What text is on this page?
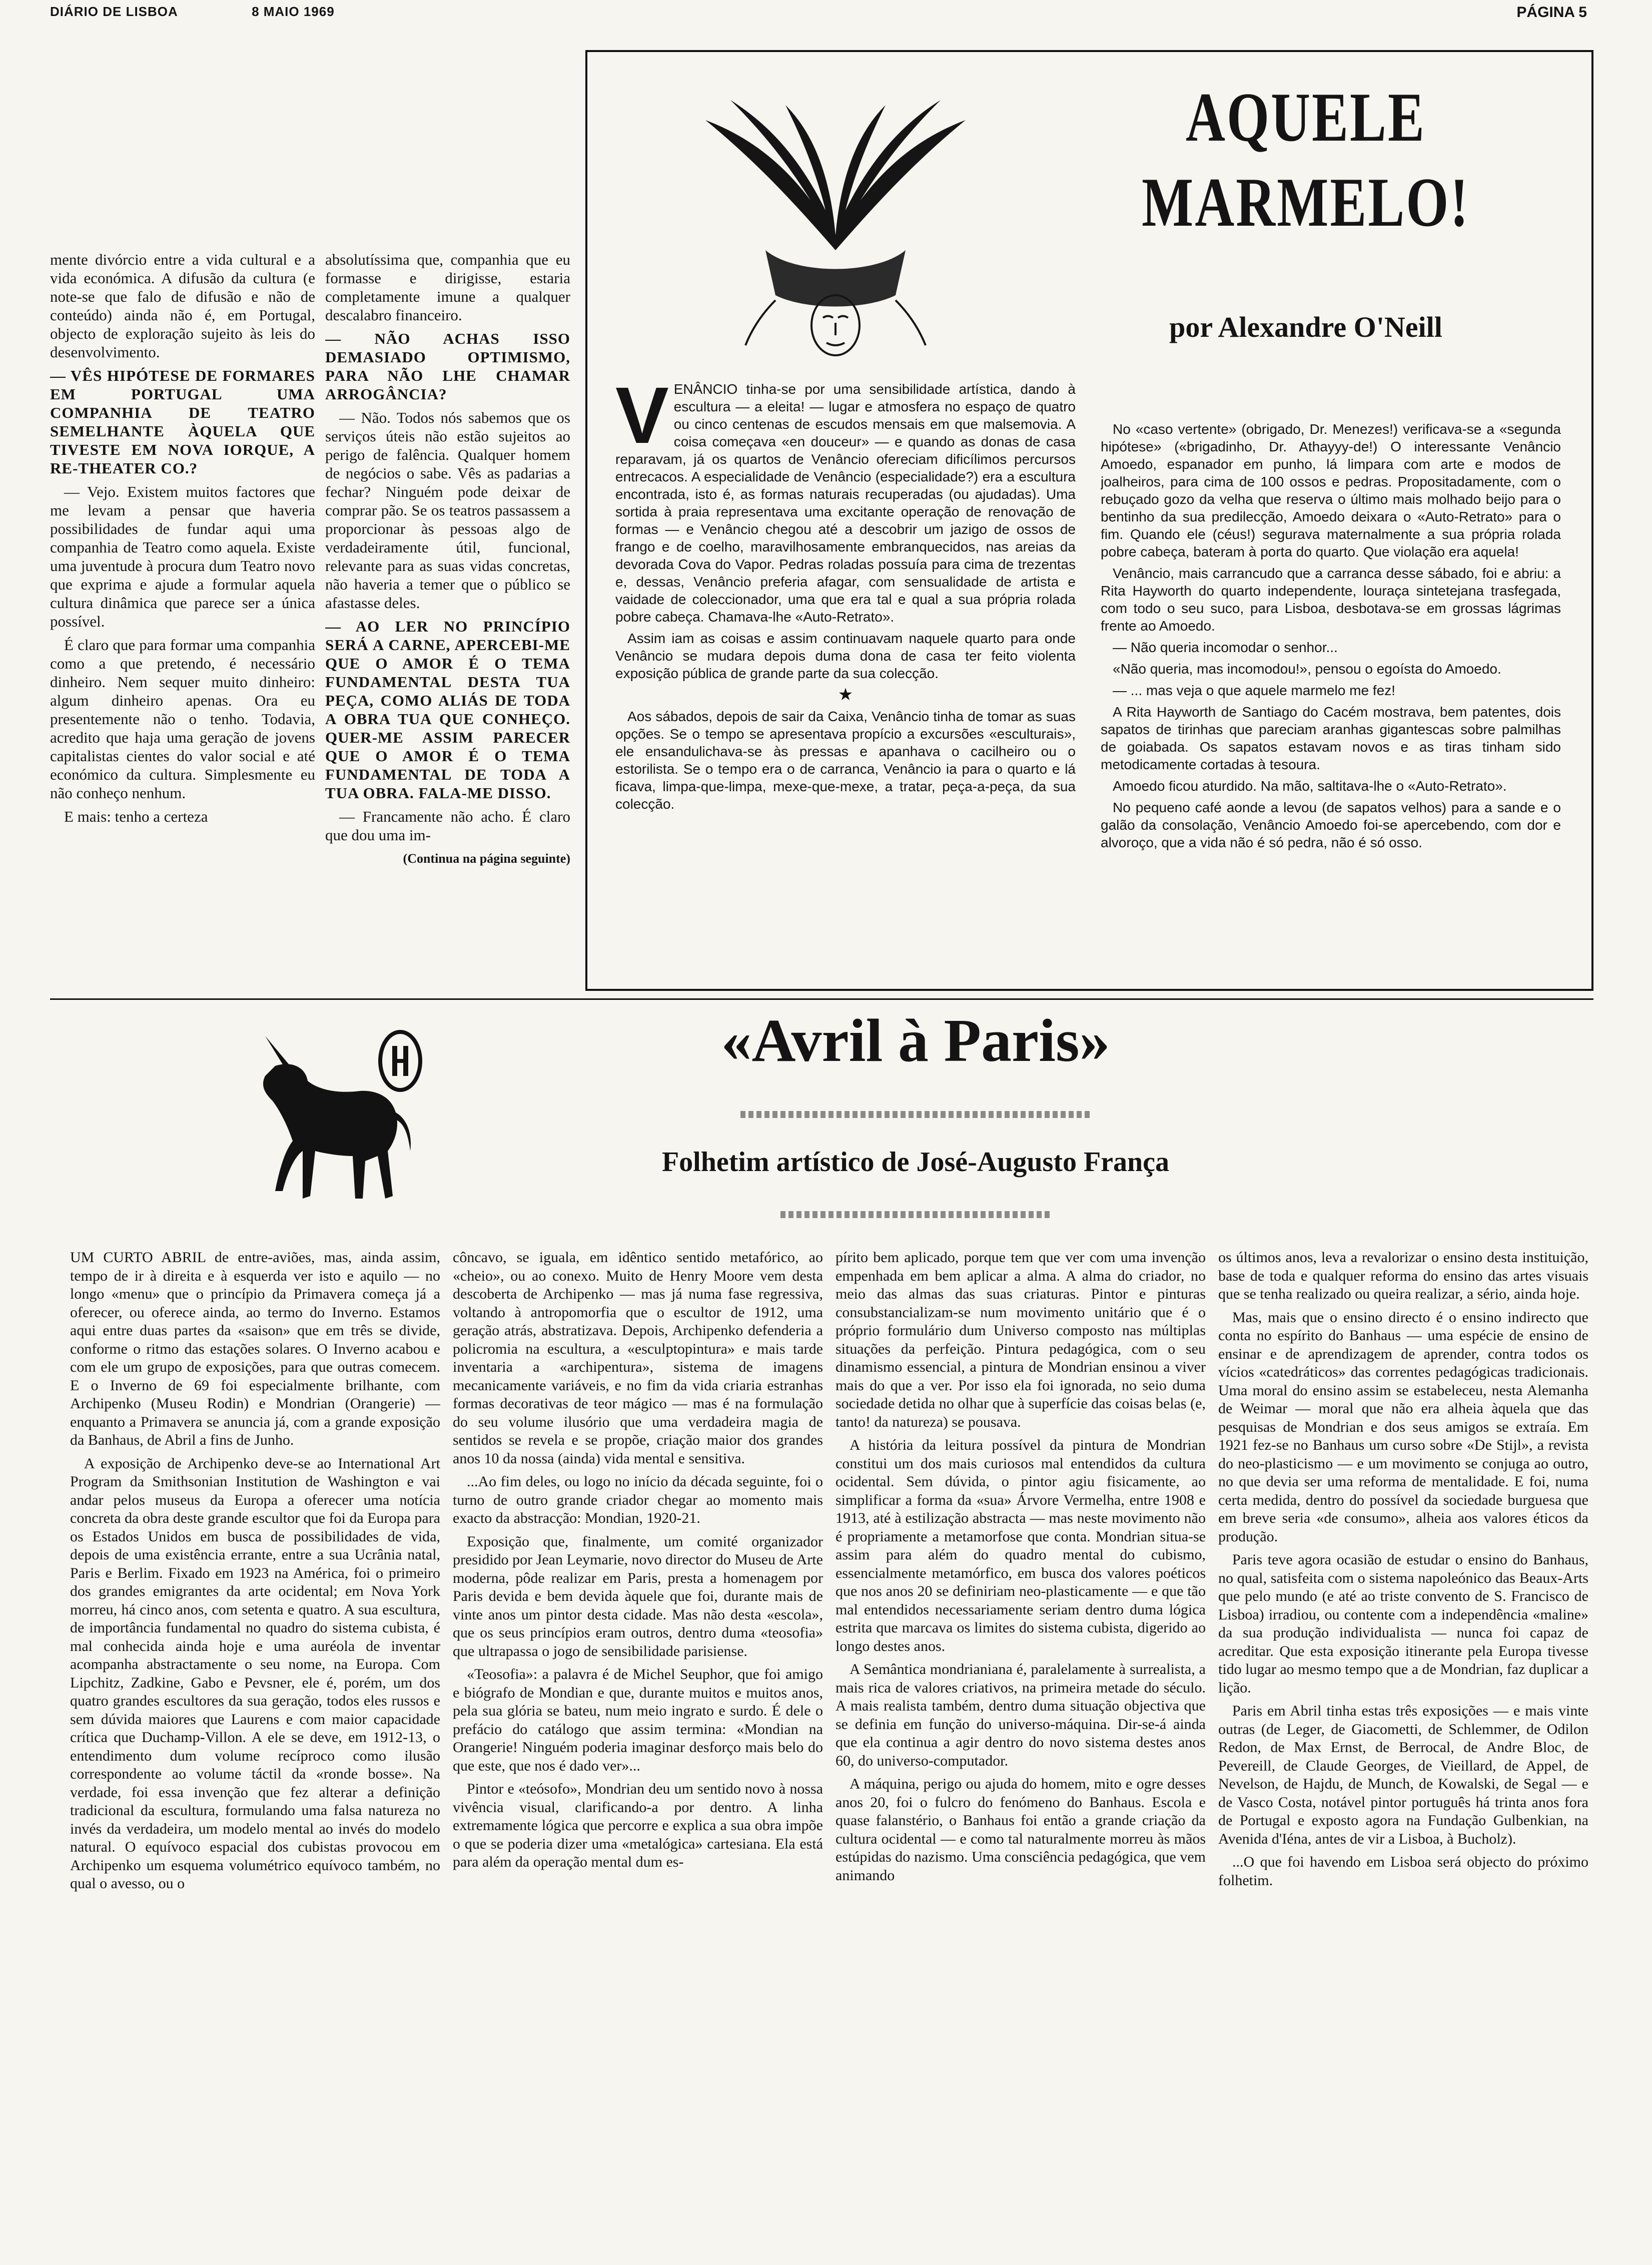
DIÁRIO DE LISBOA	8 MAIO 1969	PÁGINA 5

mente divórcio entre a vida cultural e a vida económica. A difusão da cultura (e note-se que falo de difusão e não de conteúdo) ainda não é, em Portugal, objecto de exploração sujeito às leis do desenvolvimento.

— VÊS HIPÓTESE DE FORMARES EM PORTUGAL UMA COMPANHIA DE TEATRO SEMELHANTE ÀQUELA QUE TIVESTE EM NOVA IORQUE, A RE-THEATER CO.?

— Vejo. Existem muitos factores que me levam a pensar que haveria possibilidades de fundar aqui uma companhia de Teatro como aquela. Existe uma juventude à procura dum Teatro novo que exprima e ajude a formular aquela cultura dinâmica que parece ser a única possível.

É claro que para formar uma companhia como a que pretendo, é necessário dinheiro. Nem sequer muito dinheiro: algum dinheiro apenas. Ora eu presentemente não o tenho. Todavia, acredito que haja uma geração de jovens capitalistas cientes do valor social e até económico da cultura. Simplesmente eu não conheço nenhum.

E mais: tenho a certeza

absolutíssima que, companhia que eu formasse e dirigisse, estaria completamente imune a qualquer descalabro financeiro.

— NÃO ACHAS ISSO DEMASIADO OPTIMISMO, PARA NÃO LHE CHAMAR ARROGÂNCIA?

— Não. Todos nós sabemos que os serviços úteis não estão sujeitos ao perigo de falência. Qualquer homem de negócios o sabe. Vês as padarias a fechar? Ninguém pode deixar de comprar pão. Se os teatros passassem a proporcionar às pessoas algo de verdadeiramente útil, funcional, relevante para as suas vidas concretas, não haveria a temer que o público se afastasse deles.

— AO LER NO PRINCÍPIO SERÁ A CARNE, APERCEBI-ME QUE O AMOR É O TEMA FUNDAMENTAL DESTA TUA PEÇA, COMO ALIÁS DE TODA A OBRA TUA QUE CONHEÇO. QUER-ME ASSIM PARECER QUE O AMOR É O TEMA FUNDAMENTAL DE TODA A TUA OBRA. FALA-ME DISSO.

— Francamente não acho. É claro que dou uma im-

(Continua na página seguinte)
AQUELE
MARMELO!
por Alexandre O'Neill
V ENÂNCIO tinha-se por uma sensibilidade artística, dando à escultura — a eleita! — lugar e atmosfera no espaço de quatro ou cinco centenas de escudos mensais em que malsemovia. A coisa começava «en douceur» — e quando as donas de casa reparavam, já os quartos de Venâncio ofereciam dificílimos percursos entrecacos. A especialidade de Venâncio (especialidade?) era a escultura encontrada, isto é, as formas naturais recuperadas (ou ajudadas). Uma sortida à praia representava uma excitante operação de renovação de formas — e Venâncio chegou até a descobrir um jazigo de ossos de frango e de coelho, maravilhosamente embranquecidos, nas areias da devorada Cova do Vapor. Pedras roladas possuía para cima de trezentas e, dessas, Venâncio preferia afagar, com sensualidade de artista e vaidade de coleccionador, uma que era tal e qual a sua própria rolada pobre cabeça. Chamava-lhe «Auto-Retrato».

Assim iam as coisas e assim continuavam naquele quarto para onde Venâncio se mudara depois duma dona de casa ter feito violenta exposição pública de grande parte da sua colecção.

★

Aos sábados, depois de sair da Caixa, Venâncio tinha de tomar as suas opções. Se o tempo se apresentava propício a excursões «esculturais», ele ensandulichava-se às pressas e apanhava o cacilheiro ou o estorilista. Se o tempo era o de carranca, Venâncio ia para o quarto e lá ficava, limpa-que-limpa, mexe-que-mexe, a tratar, peça-a-peça, da sua colecção.

No «caso vertente» (obrigado, Dr. Menezes!) verificava-se a «segunda hipótese» («brigadinho, Dr. Athayyy-de!) O interessante Venâncio Amoedo, espanador em punho, lá limpara com arte e modos de joalheiros, para cima de 100 ossos e pedras. Propositadamente, com o rebuçado gozo da velha que reserva o último mais molhado beijo para o bentinho da sua predilecção, Amoedo deixara o «Auto-Retrato» para o fim. Quando ele (céus!) segurava maternalmente a sua própria rolada pobre cabeça, bateram à porta do quarto. Que violação era aquela!

Venâncio, mais carrancudo que a carranca desse sábado, foi e abriu: a Rita Hayworth do quarto independente, louraça sintetejana trasfegada, com todo o seu suco, para Lisboa, desbotava-se em grossas lágrimas frente ao Amoedo.

— Não queria incomodar o senhor...

«Não queria, mas incomodou!», pensou o egoísta do Amoedo.

— ... mas veja o que aquele marmelo me fez!

A Rita Hayworth de Santiago do Cacém mostrava, bem patentes, dois sapatos de tirinhas que pareciam aranhas gigantescas sobre palmilhas de goiabada. Os sapatos estavam novos e as tiras tinham sido metodicamente cortadas à tesoura.

Amoedo ficou aturdido. Na mão, saltitava-lhe o «Auto-Retrato».

No pequeno café aonde a levou (de sapatos velhos) para a sande e o galão da consolação, Venâncio Amoedo foi-se apercebendo, com dor e alvoroço, que a vida não é só pedra, não é só osso.

«Avril à Paris»
Folhetim artístico de José-Augusto França

UM CURTO ABRIL de entre-aviões, mas, ainda assim, tempo de ir à direita e à esquerda ver isto e aquilo — no longo «menu» que o princípio da Primavera começa já a oferecer, ou oferece ainda, ao termo do Inverno. Estamos aqui entre duas partes da «saison» que em três se divide, conforme o ritmo das estações solares. O Inverno acabou e com ele um grupo de exposições, para que outras comecem. E o Inverno de 69 foi especialmente brilhante, com Archipenko (Museu Rodin) e Mondrian (Orangerie) — enquanto a Primavera se anuncia já, com a grande exposição da Banhaus, de Abril a fins de Junho.

A exposição de Archipenko deve-se ao International Art Program da Smithsonian Institution de Washington e vai andar pelos museus da Europa a oferecer uma notícia concreta da obra deste grande escultor que foi da Europa para os Estados Unidos em busca de possibilidades de vida, depois de uma existência errante, entre a sua Ucrânia natal, Paris e Berlim. Fixado em 1923 na América, foi o primeiro dos grandes emigrantes da arte ocidental; em Nova York morreu, há cinco anos, com setenta e quatro. A sua escultura, de importância fundamental no quadro do sistema cubista, é mal conhecida ainda hoje e uma auréola de inventar acompanha abstractamente o seu nome, na Europa. Com Lipchitz, Zadkine, Gabo e Pevsner, ele é, porém, um dos quatro grandes escultores da sua geração, todos eles russos e sem dúvida maiores que Laurens e com maior capacidade crítica que Duchamp-Villon. A ele se deve, em 1912-13, o entendimento dum volume recíproco como ilusão correspondente ao volume táctil da «ronde bosse». Na verdade, foi essa invenção que fez alterar a definição tradicional da escultura, formulando uma falsa natureza no invés da verdadeira, um modelo mental ao invés do modelo natural. O equívoco espacial dos cubistas provocou em Archipenko um esquema volumétrico equívoco também, no qual o avesso, ou o

côncavo, se iguala, em idêntico sentido metafórico, ao «cheio», ou ao conexo. Muito de Henry Moore vem desta descoberta de Archipenko — mas já numa fase regressiva, voltando à antropomorfia que o escultor de 1912, uma geração atrás, abstratizava. Depois, Archipenko defenderia a policromia na escultura, a «esculptopintura» e mais tarde inventaria a «archipentura», sistema de imagens mecanicamente variáveis, e no fim da vida criaria estranhas formas decorativas de teor mágico — mas é na formulação do seu volume ilusório que uma verdadeira magia de sentidos se revela e se propõe, criação maior dos grandes anos 10 da nossa (ainda) vida mental e sensitiva.

...Ao fim deles, ou logo no início da década seguinte, foi o turno de outro grande criador chegar ao momento mais exacto da abstracção: Mondian, 1920-21.

Exposição que, finalmente, um comité organizador presidido por Jean Leymarie, novo director do Museu de Arte moderna, pôde realizar em Paris, presta a homenagem por Paris devida e bem devida àquele que foi, durante mais de vinte anos um pintor desta cidade. Mas não desta «escola», que os seus princípios eram outros, dentro duma «teosofia» que ultrapassa o jogo de sensibilidade parisiense.

«Teosofia»: a palavra é de Michel Seuphor, que foi amigo e biógrafo de Mondian e que, durante muitos e muitos anos, pela sua glória se bateu, num meio ingrato e surdo. É dele o prefácio do catálogo que assim termina: «Mondian na Orangerie! Ninguém poderia imaginar desforço mais belo do que este, que nos é dado ver»...

Pintor e «teósofo», Mondrian deu um sentido novo à nossa vivência visual, clarificando-a por dentro. A linha extremamente lógica que percorre e explica a sua obra impõe o que se poderia dizer uma «metalógica» cartesiana. Ela está para além da operação mental dum es-

pírito bem aplicado, porque tem que ver com uma invenção empenhada em bem aplicar a alma. A alma do criador, no meio das almas das suas criaturas. Pintor e pinturas consubstancializam-se num movimento unitário que é o próprio formulário dum Universo composto nas múltiplas situações da perfeição. Pintura pedagógica, com o seu dinamismo essencial, a pintura de Mondrian ensinou a viver mais do que a ver. Por isso ela foi ignorada, no seio duma sociedade detida no olhar que à superfície das coisas belas (e, tanto! da natureza) se pousava.

A história da leitura possível da pintura de Mondrian constitui um dos mais curiosos mal entendidos da cultura ocidental. Sem dúvida, o pintor agiu fisicamente, ao simplificar a forma da «sua» Árvore Vermelha, entre 1908 e 1913, até à estilização abstracta — mas neste movimento não é propriamente a metamorfose que conta. Mondrian situa-se assim para além do quadro mental do cubismo, essencialmente metamórfico, em busca dos valores poéticos que nos anos 20 se definiriam neo-plasticamente — e que tão mal entendidos necessariamente seriam dentro duma lógica estrita que marcava os limites do sistema cubista, digerido ao longo destes anos.

A Semântica mondrianiana é, paralelamente à surrealista, a mais rica de valores criativos, na primeira metade do século. A mais realista também, dentro duma situação objectiva que se definia em função do universo-máquina. Dir-se-á ainda que ela continua a agir dentro do novo sistema destes anos 60, do universo-computador.

A máquina, perigo ou ajuda do homem, mito e ogre desses anos 20, foi o fulcro do fenómeno do Banhaus. Escola e quase falanstério, o Banhaus foi então a grande criação da cultura ocidental — e como tal naturalmente morreu às mãos estúpidas do nazismo. Uma consciência pedagógica, que vem animando

os últimos anos, leva a revalorizar o ensino desta instituição, base de toda e qualquer reforma do ensino das artes visuais que se tenha realizado ou queira realizar, a sério, ainda hoje.

Mas, mais que o ensino directo é o ensino indirecto que conta no espírito do Banhaus — uma espécie de ensino de ensinar e de aprendizagem de aprender, contra todos os vícios «catedráticos» das correntes pedagógicas tradicionais. Uma moral do ensino assim se estabeleceu, nesta Alemanha de Weimar — moral que não era alheia àquela que das pesquisas de Mondrian e dos seus amigos se extraía. Em 1921 fez-se no Banhaus um curso sobre «De Stijl», a revista do neo-plasticismo — e um movimento se conjuga ao outro, no que devia ser uma reforma de mentalidade. E foi, numa certa medida, dentro do possível da sociedade burguesa que em breve seria «de consumo», alheia aos valores éticos da produção.

Paris teve agora ocasião de estudar o ensino do Banhaus, no qual, satisfeita com o sistema napoleónico das Beaux-Arts que pelo mundo (e até ao triste convento de S. Francisco de Lisboa) irradiou, ou contente com a independência «maline» da sua produção individualista — nunca foi capaz de acreditar. Que esta exposição itinerante pela Europa tivesse tido lugar ao mesmo tempo que a de Mondrian, faz duplicar a lição.

Paris em Abril tinha estas três exposições — e mais vinte outras (de Leger, de Giacometti, de Schlemmer, de Odilon Redon, de Max Ernst, de Berrocal, de Andre Bloc, de Pevereill, de Claude Georges, de Vieillard, de Appel, de Nevelson, de Hajdu, de Munch, de Kowalski, de Segal — e de Vasco Costa, notável pintor português há trinta anos fora de Portugal e exposto agora na Fundação Gulbenkian, na Avenida d'Iéna, antes de vir a Lisboa, à Bucholz).

...O que foi havendo em Lisboa será objecto do próximo folhetim.
